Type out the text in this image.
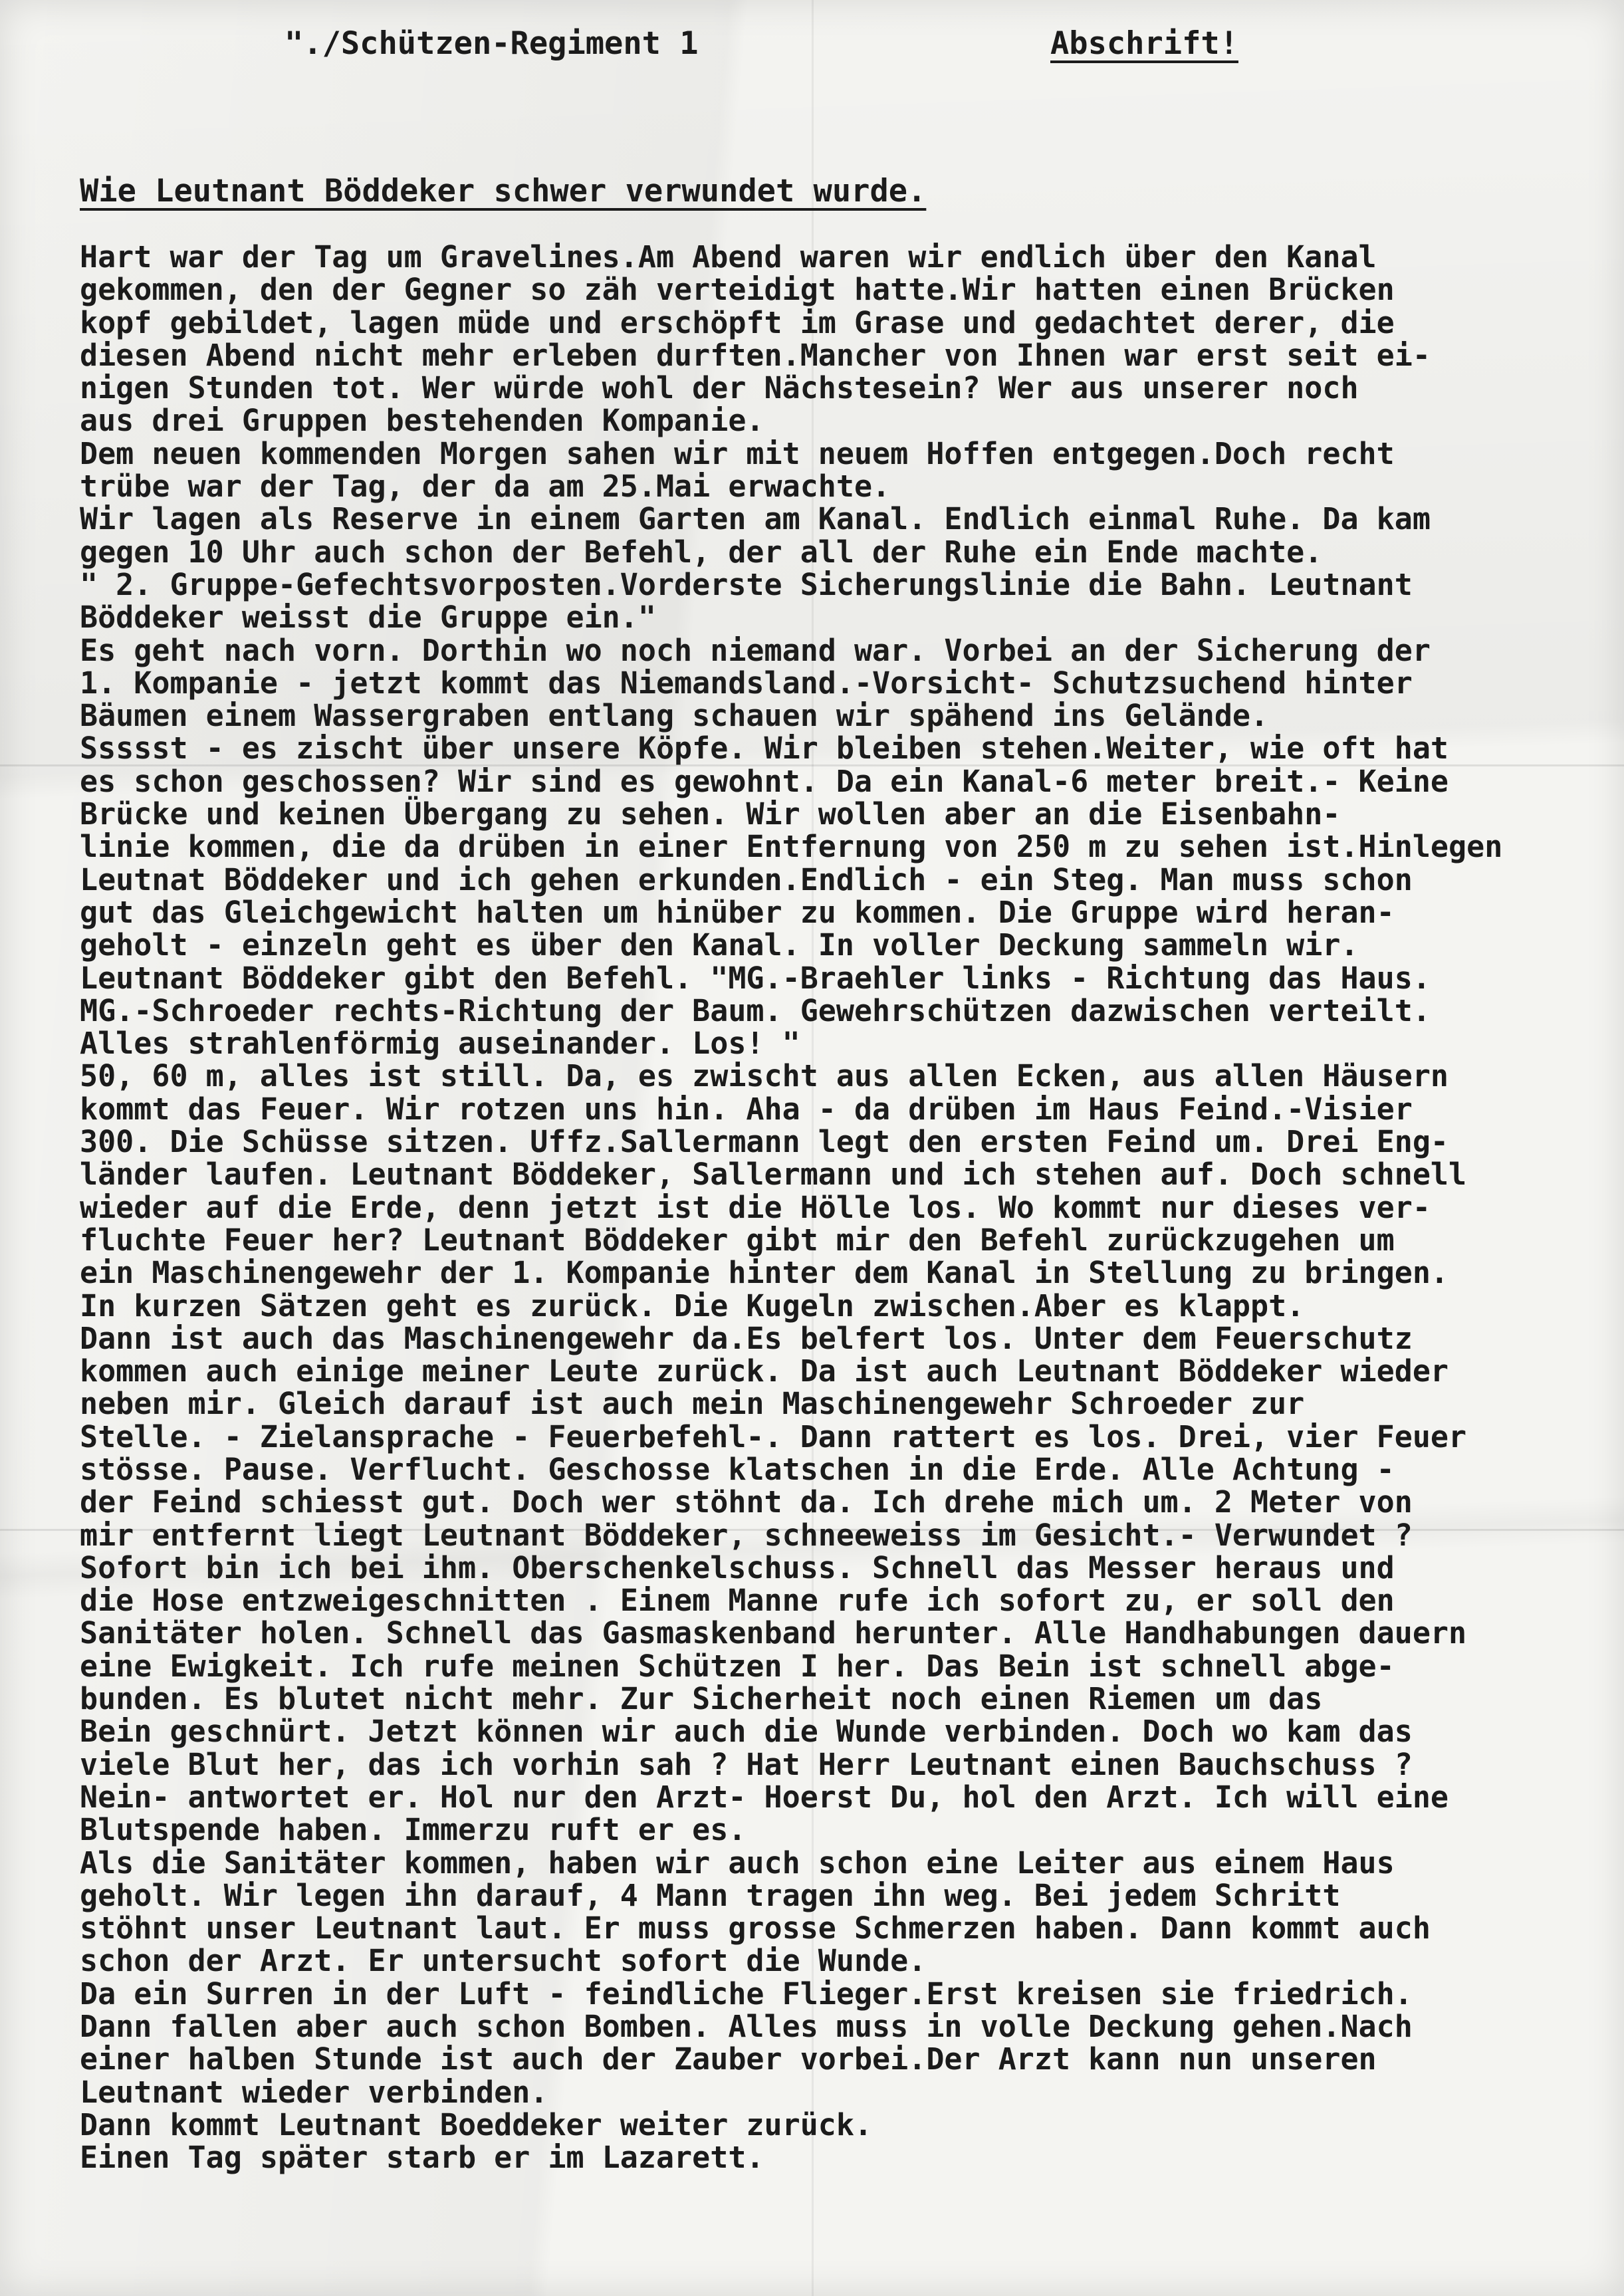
"./Schützen-Regiment 1	Abschrift!
Wie Leutnant Böddeker schwer verwundet wurde.
Hart war der Tag um Gravelines.Am Abend waren wir endlich über den Kanal
gekommen, den der Gegner so zäh verteidigt hatte.Wir hatten einen Brücken
kopf gebildet, lagen müde und erschöpft im Grase und gedachtet derer, die
diesen Abend nicht mehr erleben durften.Mancher von Ihnen war erst seit ei-
nigen Stunden tot. Wer würde wohl der Nächstesein? Wer aus unserer noch
aus drei Gruppen bestehenden Kompanie.
Dem neuen kommenden Morgen sahen wir mit neuem Hoffen entgegen.Doch recht
trübe war der Tag, der da am 25.Mai erwachte.
Wir lagen als Reserve in einem Garten am Kanal. Endlich einmal Ruhe. Da kam
gegen 10 Uhr auch schon der Befehl, der all der Ruhe ein Ende machte.
" 2. Gruppe-Gefechtsvorposten.Vorderste Sicherungslinie die Bahn. Leutnant
Böddeker weisst die Gruppe ein."
Es geht nach vorn. Dorthin wo noch niemand war. Vorbei an der Sicherung der
1. Kompanie - jetzt kommt das Niemandsland.-Vorsicht- Schutzsuchend hinter
Bäumen einem Wassergraben entlang schauen wir spähend ins Gelände.
Ssssst - es zischt über unsere Köpfe. Wir bleiben stehen.Weiter, wie oft hat
es schon geschossen? Wir sind es gewohnt. Da ein Kanal-6 meter breit.- Keine
Brücke und keinen Übergang zu sehen. Wir wollen aber an die Eisenbahn-
linie kommen, die da drüben in einer Entfernung von 250 m zu sehen ist.Hinlegen
Leutnat Böddeker und ich gehen erkunden.Endlich - ein Steg. Man muss schon
gut das Gleichgewicht halten um hinüber zu kommen. Die Gruppe wird heran-
geholt - einzeln geht es über den Kanal. In voller Deckung sammeln wir.
Leutnant Böddeker gibt den Befehl. "MG.-Braehler links - Richtung das Haus.
MG.-Schroeder rechts-Richtung der Baum. Gewehrschützen dazwischen verteilt.
Alles strahlenförmig auseinander. Los! "
50, 60 m, alles ist still. Da, es zwischt aus allen Ecken, aus allen Häusern
kommt das Feuer. Wir rotzen uns hin. Aha - da drüben im Haus Feind.-Visier
300. Die Schüsse sitzen. Uffz.Sallermann legt den ersten Feind um. Drei Eng-
länder laufen. Leutnant Böddeker, Sallermann und ich stehen auf. Doch schnell
wieder auf die Erde, denn jetzt ist die Hölle los. Wo kommt nur dieses ver-
fluchte Feuer her? Leutnant Böddeker gibt mir den Befehl zurückzugehen um
ein Maschinengewehr der 1. Kompanie hinter dem Kanal in Stellung zu bringen.
In kurzen Sätzen geht es zurück. Die Kugeln zwischen.Aber es klappt.
Dann ist auch das Maschinengewehr da.Es belfert los. Unter dem Feuerschutz
kommen auch einige meiner Leute zurück. Da ist auch Leutnant Böddeker wieder
neben mir. Gleich darauf ist auch mein Maschinengewehr Schroeder zur
Stelle. - Zielansprache - Feuerbefehl-. Dann rattert es los. Drei, vier Feuer
stösse. Pause. Verflucht. Geschosse klatschen in die Erde. Alle Achtung -
der Feind schiesst gut. Doch wer stöhnt da. Ich drehe mich um. 2 Meter von
mir entfernt liegt Leutnant Böddeker, schneeweiss im Gesicht.- Verwundet ?
Sofort bin ich bei ihm. Oberschenkelschuss. Schnell das Messer heraus und
die Hose entzweigeschnitten . Einem Manne rufe ich sofort zu, er soll den
Sanitäter holen. Schnell das Gasmaskenband herunter. Alle Handhabungen dauern
eine Ewigkeit. Ich rufe meinen Schützen I her. Das Bein ist schnell abge-
bunden. Es blutet nicht mehr. Zur Sicherheit noch einen Riemen um das
Bein geschnürt. Jetzt können wir auch die Wunde verbinden. Doch wo kam das
viele Blut her, das ich vorhin sah ? Hat Herr Leutnant einen Bauchschuss ?
Nein- antwortet er. Hol nur den Arzt- Hoerst Du, hol den Arzt. Ich will eine
Blutspende haben. Immerzu ruft er es.
Als die Sanitäter kommen, haben wir auch schon eine Leiter aus einem Haus
geholt. Wir legen ihn darauf, 4 Mann tragen ihn weg. Bei jedem Schritt
stöhnt unser Leutnant laut. Er muss grosse Schmerzen haben. Dann kommt auch
schon der Arzt. Er untersucht sofort die Wunde.
Da ein Surren in der Luft - feindliche Flieger.Erst kreisen sie friedrich.
Dann fallen aber auch schon Bomben. Alles muss in volle Deckung gehen.Nach
einer halben Stunde ist auch der Zauber vorbei.Der Arzt kann nun unseren
Leutnant wieder verbinden.
Dann kommt Leutnant Boeddeker weiter zurück.
Einen Tag später starb er im Lazarett.
